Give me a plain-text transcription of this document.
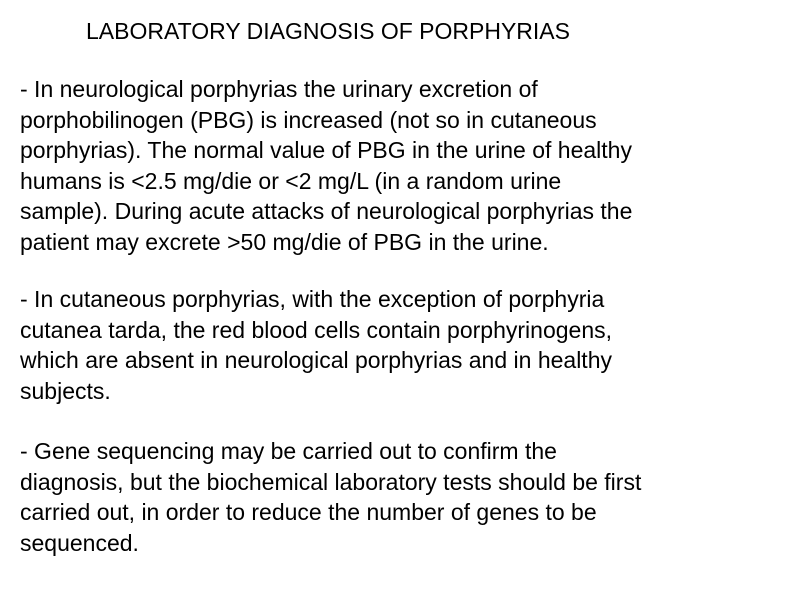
LABORATORY DIAGNOSIS OF PORPHYRIAS

- In neurological porphyrias the urinary excretion of
porphobilinogen (PBG) is increased (not so in cutaneous
porphyrias). The normal value of PBG in the urine of healthy
humans is <2.5 mg/die or <2 mg/L (in a random urine
sample). During acute attacks of neurological porphyrias the
patient may excrete >50 mg/die of PBG in the urine.

- In cutaneous porphyrias, with the exception of porphyria
cutanea tarda, the red blood cells contain porphyrinogens,
which are absent in neurological porphyrias and in healthy
subjects.

- Gene sequencing may be carried out to confirm the
diagnosis, but the biochemical laboratory tests should be first
carried out, in order to reduce the number of genes to be
sequenced.
